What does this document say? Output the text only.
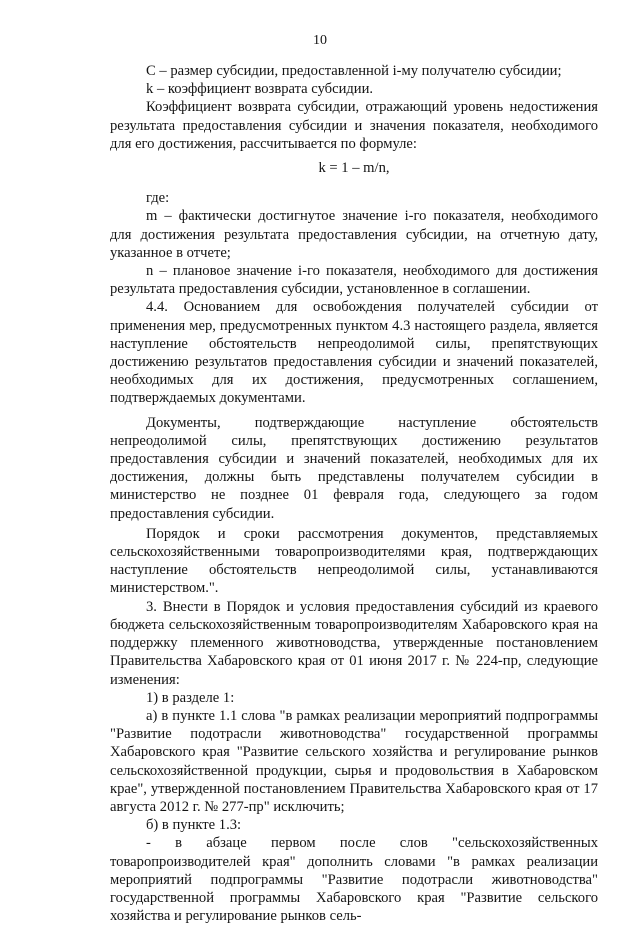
10

С – размер субсидии, предоставленной i-му получателю субсидии;

k – коэффициент возврата субсидии.

Коэффициент возврата субсидии, отражающий уровень недостижения результата предоставления субсидии и значения показателя, необходимого для его достижения, рассчитывается по формуле:

k = 1 – m/n,

где:

m – фактически достигнутое значение i-го показателя, необходимого для достижения результата предоставления субсидии, на отчетную дату, указанное в отчете;

n – плановое значение i-го показателя, необходимого для достижения результата предоставления субсидии, установленное в соглашении.

4.4. Основанием для освобождения получателей субсидии от применения мер, предусмотренных пунктом 4.3 настоящего раздела, является наступление обстоятельств непреодолимой силы, препятствующих достижению результатов предоставления субсидии и значений показателей, необходимых для их достижения, предусмотренных соглашением, подтверждаемых документами.

Документы, подтверждающие наступление обстоятельств непреодолимой силы, препятствующих достижению результатов предоставления субсидии и значений показателей, необходимых для их достижения, должны быть представлены получателем субсидии в министерство не позднее 01 февраля года, следующего за годом предоставления субсидии.

Порядок и сроки рассмотрения документов, представляемых сельскохозяйственными товаропроизводителями края, подтверждающих наступление обстоятельств непреодолимой силы, устанавливаются министерством.".

3. Внести в Порядок и условия предоставления субсидий из краевого бюджета сельскохозяйственным товаропроизводителям Хабаровского края на поддержку племенного животноводства, утвержденные постановлением Правительства Хабаровского края от 01 июня 2017 г. № 224-пр, следующие изменения:

1) в разделе 1:

а) в пункте 1.1 слова "в рамках реализации мероприятий подпрограммы "Развитие подотрасли животноводства" государственной программы Хабаровского края "Развитие сельского хозяйства и регулирование рынков сельскохозяйственной продукции, сырья и продовольствия в Хабаровском крае", утвержденной постановлением Правительства Хабаровского края от 17 августа 2012 г. № 277-пр" исключить;

б) в пункте 1.3:

- в абзаце первом после слов "сельскохозяйственных товаропроизводителей края" дополнить словами "в рамках реализации мероприятий подпрограммы "Развитие подотрасли животноводства" государственной программы Хабаровского края "Развитие сельского хозяйства и регулирование рынков сель-
